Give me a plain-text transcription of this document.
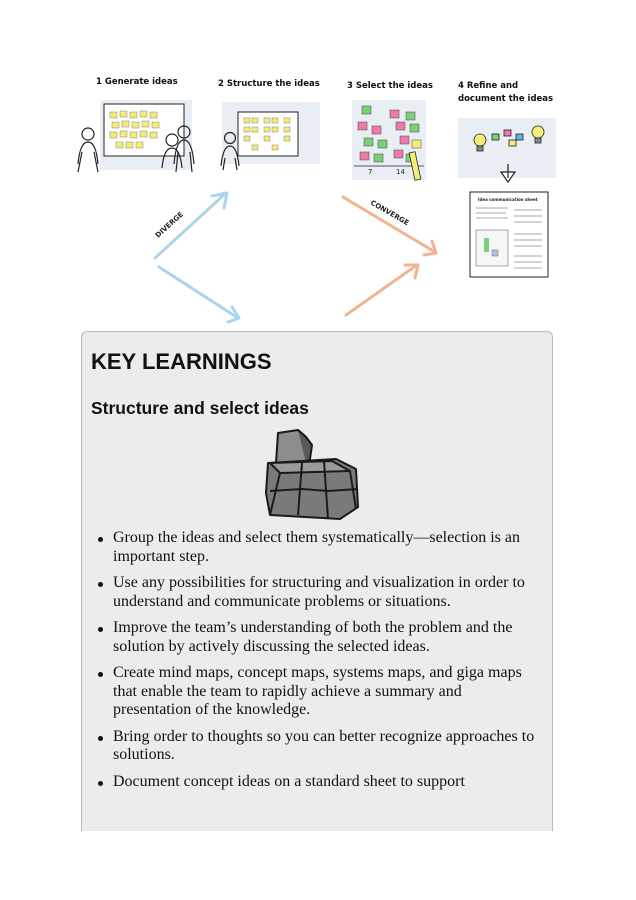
1 Generate ideas	2 Structure the ideas	3 Select the ideas	4 Refine and
document the ideas
7	14
Idea communication sheet
DIVERGE	CONVERGE
KEY LEARNINGS
Structure and select ideas
Group the ideas and select them systematically—selection is an important step.
Use any possibilities for structuring and visualization in order to understand and communicate problems or situations.
Improve the team’s understanding of both the problem and the solution by actively discussing the selected ideas.
Create mind maps, concept maps, systems maps, and giga maps that enable the team to rapidly achieve a summary and presentation of the knowledge.
Bring order to thoughts so you can better recognize approaches to solutions.
Document concept ideas on a standard sheet to support
